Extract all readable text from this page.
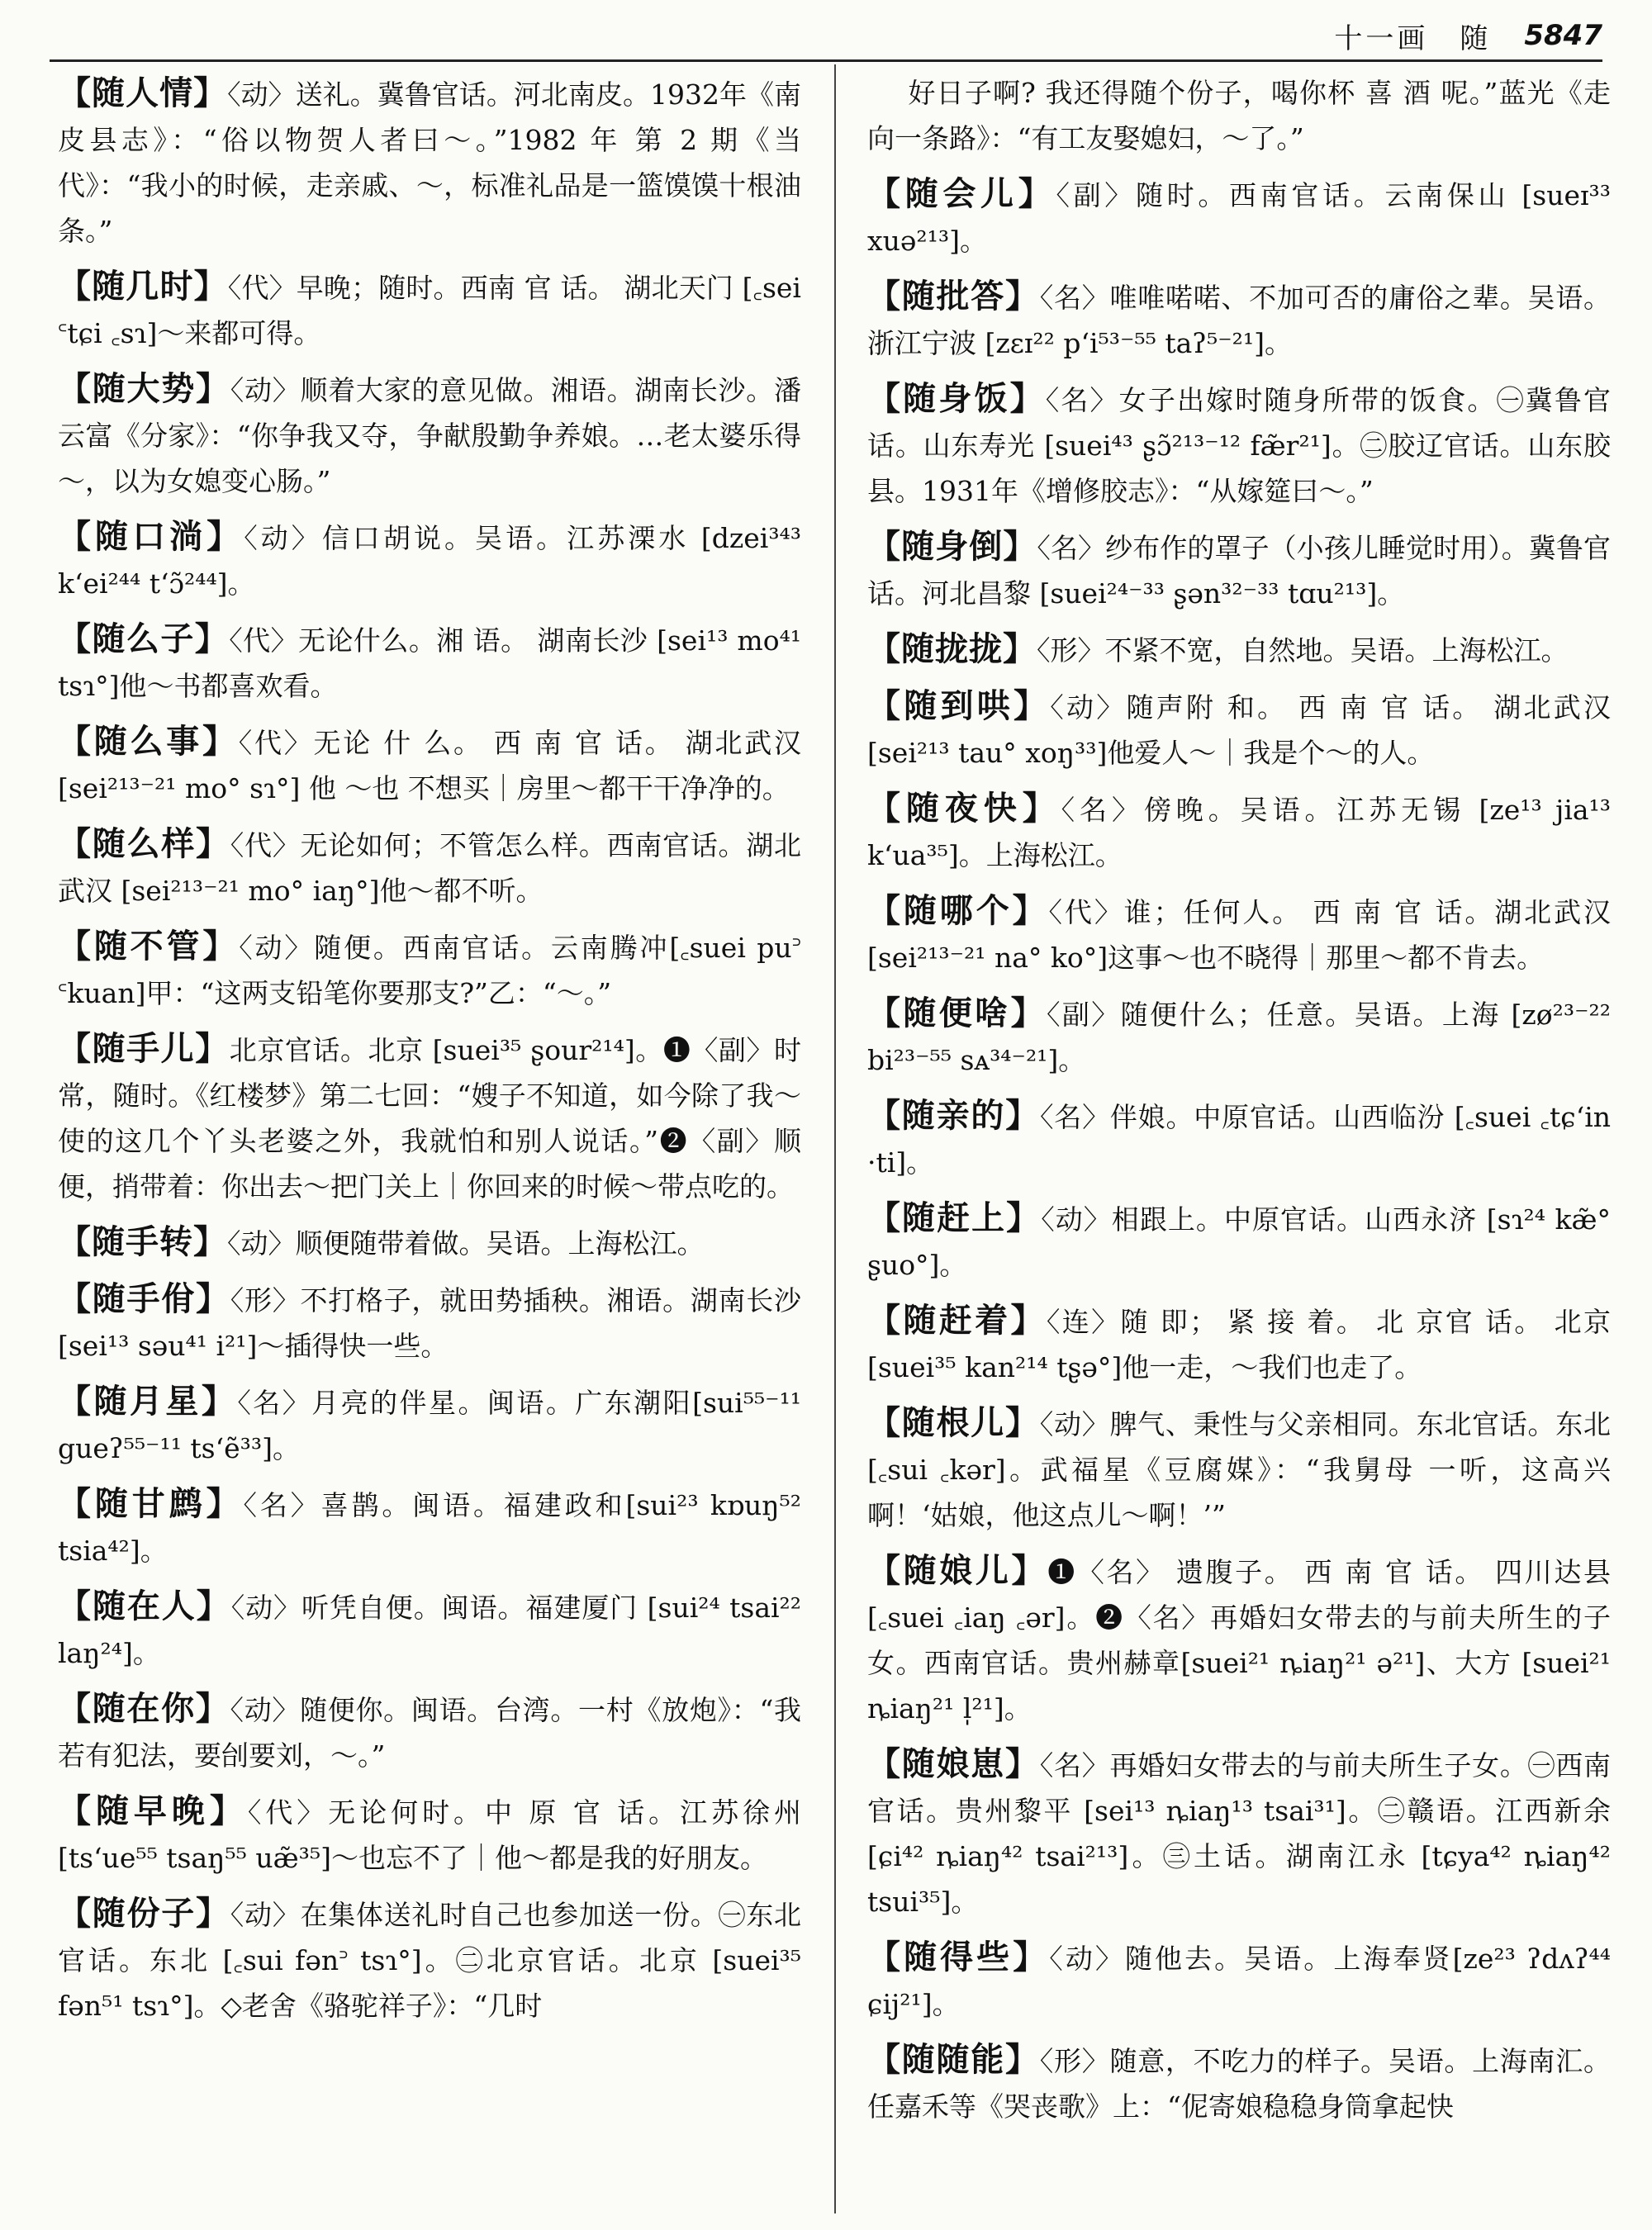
十一画　随 5847

【随人情】〈动〉送礼。冀鲁官话。河北南皮。1932年《南皮县志》：“俗以物贺人者曰～。”1982 年 第 2 期《当代》：“我小的时候，走亲戚、～，标准礼品是一篮馍馍十根油条。”

【随几时】〈代〉早晚；随时。西南 官 话。 湖北天门 [꜀sei ꜂tɕi ꜀sɿ]～来都可得。

【随大势】〈动〉顺着大家的意见做。湘语。湖南长沙。潘云富《分家》：“你争我又夺，争献殷勤争养娘。…老太婆乐得～，以为女媳变心肠。”

【随口淌】〈动〉信口胡说。吴语。江苏溧水 [dzei³⁴³ k‘ei²⁴⁴ t‘ɔ̃²⁴⁴]。

【随么子】〈代〉无论什么。湘 语。 湖南长沙 [sei¹³ mo⁴¹ tsɿ°]他～书都喜欢看。

【随么事】〈代〉无论 什 么。 西 南 官 话。 湖北武汉 [sei²¹³⁻²¹ mo° sɿ°] 他 ～也 不想买｜房里～都干干净净的。

【随么样】〈代〉无论如何；不管怎么样。西南官话。湖北武汉 [sei²¹³⁻²¹ mo° iaŋ°]他～都不听。

【随不管】〈动〉随便。西南官话。云南腾冲[꜀suei pu꜄ ꜂kuan]甲：“这两支铅笔你要那支?”乙：“～。”

【随手儿】北京官话。北京 [suei³⁵ ʂour²¹⁴]。❶〈副〉时常，随时。《红楼梦》第二七回：“嫂子不知道，如今除了我～使的这几个丫头老婆之外，我就怕和别人说话。”❷〈副〉顺便，捎带着：你出去～把门关上｜你回来的时候～带点吃的。

【随手转】〈动〉顺便随带着做。吴语。上海松江。

【随手佾】〈形〉不打格子，就田势插秧。湘语。湖南长沙 [sei¹³ səu⁴¹ i²¹]～插得快一些。

【随月星】〈名〉月亮的伴星。闽语。广东潮阳[sui⁵⁵⁻¹¹ gueʔ⁵⁵⁻¹¹ ts‘ẽ³³]。

【随甘鹧】〈名〉喜鹊。闽语。福建政和[sui²³ kɒuŋ⁵² tsia⁴²]。

【随在人】〈动〉听凭自便。闽语。福建厦门 [sui²⁴ tsai²² laŋ²⁴]。

【随在你】〈动〉随便你。闽语。台湾。一村《放炮》：“我若有犯法，要刣要刘，～。”

【随早晚】〈代〉无论何时。中 原 官 话。江苏徐州 [ts‘ue⁵⁵ tsaŋ⁵⁵ uæ̃³⁵]～也忘不了｜他～都是我的好朋友。

【随份子】〈动〉在集体送礼时自己也参加送一份。㊀东北官话。东北 [꜀sui fən꜄ tsɿ°]。㊁北京官话。北京 [suei³⁵ fən⁵¹ tsɿ°]。◇老舍《骆驼祥子》：“几时

好日子啊? 我还得随个份子，喝你杯 喜 酒 呢。”蓝光《走向一条路》：“有工友娶媳妇，～了。”

【随会儿】〈副〉随时。西南官话。云南保山 [sueɪ³³ xuə²¹³]。

【随批答】〈名〉唯唯喏喏、不加可否的庸俗之辈。吴语。浙江宁波 [zɛɪ²² p‘i⁵³⁻⁵⁵ taʔ⁵⁻²¹]。

【随身饭】〈名〉女子出嫁时随身所带的饭食。㊀冀鲁官话。山东寿光 [suei⁴³ ʂɔ̃²¹³⁻¹² fæ̃r²¹]。㊁胶辽官话。山东胶县。1931年《增修胶志》：“从嫁筵曰～。”

【随身倒】〈名〉纱布作的罩子（小孩儿睡觉时用）。冀鲁官话。河北昌黎 [suei²⁴⁻³³ ʂən³²⁻³³ tɑu²¹³]。

【随拢拢】〈形〉不紧不宽，自然地。吴语。上海松江。

【随到哄】〈动〉随声附 和。 西 南 官 话。 湖北武汉 [sei²¹³ tau° xoŋ³³]他爱人～｜我是个～的人。

【随夜快】〈名〉傍晚。吴语。江苏无锡 [ze¹³ jia¹³ k‘ua³⁵]。上海松江。

【随哪个】〈代〉谁；任何人。 西 南 官 话。湖北武汉 [sei²¹³⁻²¹ na° ko°]这事～也不晓得｜那里～都不肯去。

【随便啥】〈副〉随便什么；任意。吴语。上海 [zø²³⁻²² bi²³⁻⁵⁵ sᴀ³⁴⁻²¹]。

【随亲的】〈名〉伴娘。中原官话。山西临汾 [꜀suei ꜀tɕ‘in ·ti]。

【随赶上】〈动〉相跟上。中原官话。山西永济 [sɿ²⁴ kæ̃° ʂuo°]。

【随赶着】〈连〉随 即； 紧 接 着。 北 京官 话。 北京 [suei³⁵ kan²¹⁴ tʂə°]他一走，～我们也走了。

【随根儿】〈动〉脾气、秉性与父亲相同。东北官话。东北 [꜀sui ꜀kər]。武福星《豆腐媒》：“我舅母 一听，这高兴啊！‘姑娘，他这点儿～啊！’”

【随娘儿】❶〈名〉 遗腹子。 西 南 官 话。 四川达县 [꜀suei ꜀iaŋ ꜀ər]。❷〈名〉再婚妇女带去的与前夫所生的子女。西南官话。贵州赫章[suei²¹ ȵiaŋ²¹ ə²¹]、大方 [suei²¹ ȵiaŋ²¹ l̩²¹]。

【随娘崽】〈名〉再婚妇女带去的与前夫所生子女。㊀西南官话。贵州黎平 [sei¹³ ȵiaŋ¹³ tsai³¹]。㊁赣语。江西新余 [ɕi⁴² ȵiaŋ⁴² tsai²¹³]。㊂土话。湖南江永 [tɕya⁴² ȵiaŋ⁴² tsui³⁵]。

【随得些】〈动〉随他去。吴语。上海奉贤[ze²³ ʔdʌʔ⁴⁴ ɕij²¹]。

【随随能】〈形〉随意，不吃力的样子。吴语。上海南汇。任嘉禾等《哭丧歌》上：“伲寄娘稳稳身筒拿起快
